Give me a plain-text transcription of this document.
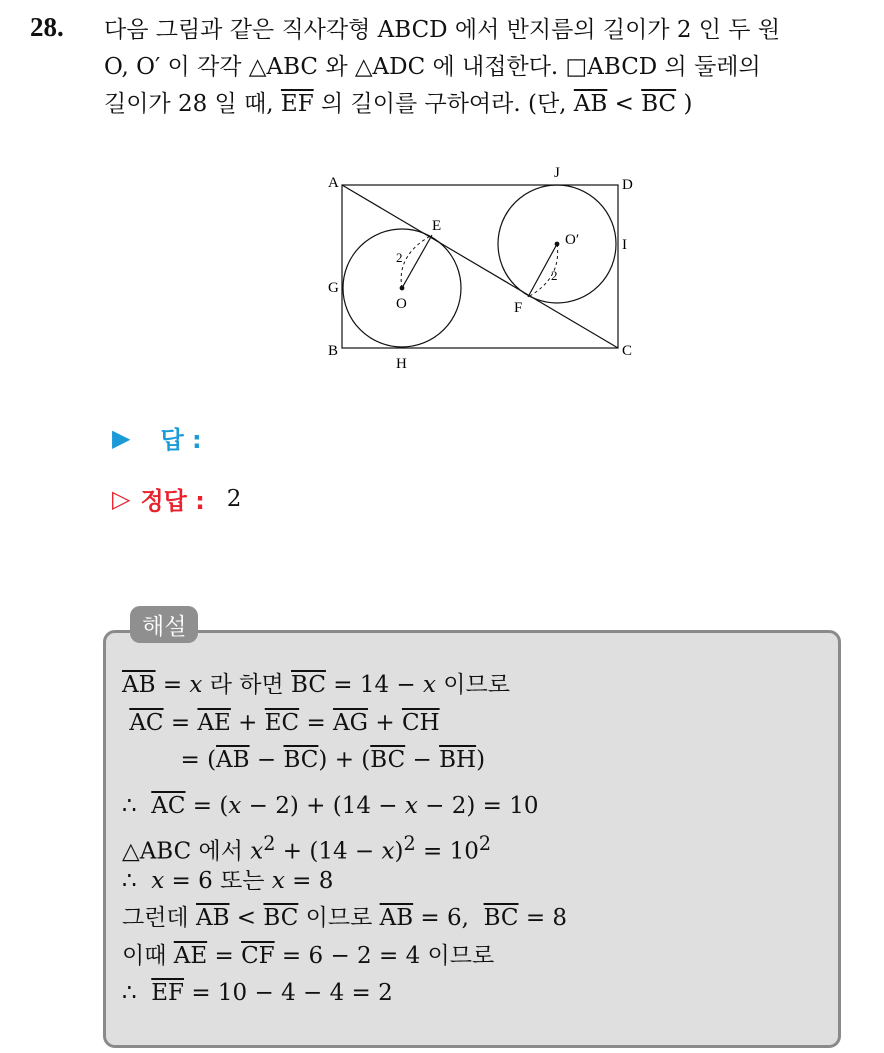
28. 다음 그림과 같은 직사각형 ABCD 에서 반지름의 길이가 2 인 두 원
O, O′ 이 각각 △ABC 와 △ADC 에 내접한다. □ABCD 의 둘레의
길이가 28 일 때, $\overline{EF}$ 의 길이를 구하여라. (단, $\overline{AB} < \overline{BC}$ )
A
B	C
D
E
F
G
H
I
J
O
O′
2
2
▶ 답 :
▷ 정답 : 2
해설
$\overline{AB} = x$ 라 하면 $\overline{BC} = 14 - x$ 이므로
$\overline{AC} = \overline{AE} + \overline{EC} = \overline{AG} + \overline{CH}$
= $(\overline{AB} - \overline{BC}) + (\overline{BC} - \overline{BH})$
∴  $\overline{AC} = (x - 2) + (14 - x - 2) = 10$
△ABC 에서 $x^2 + (14 - x)^2 = 10^2$
∴  x = 6 또는 x = 8
그런데 $\overline{AB} < \overline{BC}$ 이므로 $\overline{AB} = 6$,  $\overline{BC} = 8$
이때 $\overline{AE} = \overline{CF} = 6 - 2 = 4$ 이므로
∴  $\overline{EF} = 10 - 4 - 4 = 2$
